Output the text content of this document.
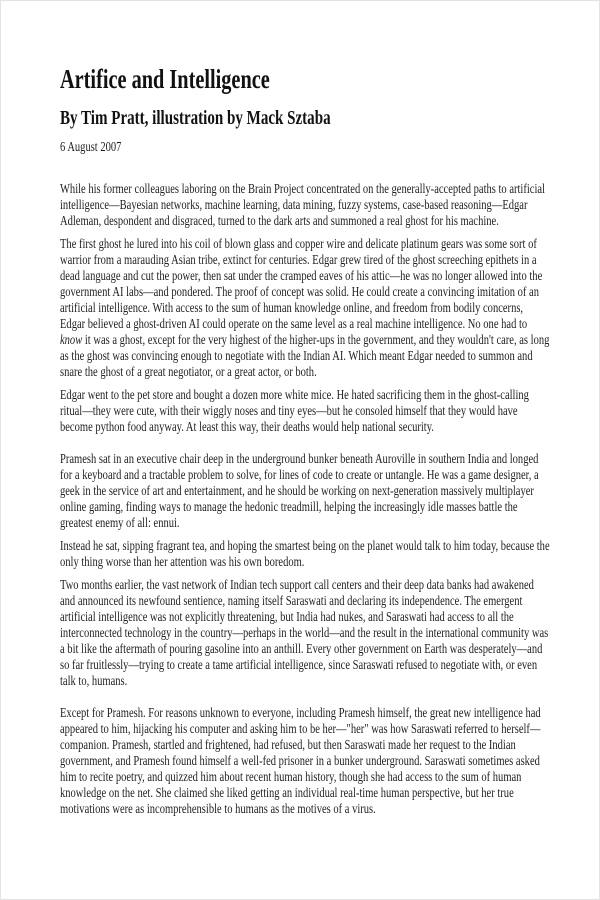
Artifice and Intelligence
By Tim Pratt, illustration by Mack Sztaba

6 August 2007

While his former colleagues laboring on the Brain Project concentrated on the generally-accepted paths to artificial intelligence—Bayesian networks, machine learning, data mining, fuzzy systems, case-based reasoning—Edgar Adleman, despondent and disgraced, turned to the dark arts and summoned a real ghost for his machine.

The first ghost he lured into his coil of blown glass and copper wire and delicate platinum gears was some sort of warrior from a marauding Asian tribe, extinct for centuries. Edgar grew tired of the ghost screeching epithets in a dead language and cut the power, then sat under the cramped eaves of his attic—he was no longer allowed into the government AI labs—and pondered. The proof of concept was solid. He could create a convincing imitation of an artificial intelligence. With access to the sum of human knowledge online, and freedom from bodily concerns, Edgar believed a ghost-driven AI could operate on the same level as a real machine intelligence. No one had to know it was a ghost, except for the very highest of the higher-ups in the government, and they wouldn't care, as long as the ghost was convincing enough to negotiate with the Indian AI. Which meant Edgar needed to summon and snare the ghost of a great negotiator, or a great actor, or both.

Edgar went to the pet store and bought a dozen more white mice. He hated sacrificing them in the ghost-calling ritual—they were cute, with their wiggly noses and tiny eyes—but he consoled himself that they would have become python food anyway. At least this way, their deaths would help national security.

Pramesh sat in an executive chair deep in the underground bunker beneath Auroville in southern India and longed for a keyboard and a tractable problem to solve, for lines of code to create or untangle. He was a game designer, a geek in the service of art and entertainment, and he should be working on next-generation massively multiplayer online gaming, finding ways to manage the hedonic treadmill, helping the increasingly idle masses battle the greatest enemy of all: ennui.

Instead he sat, sipping fragrant tea, and hoping the smartest being on the planet would talk to him today, because the only thing worse than her attention was his own boredom.

Two months earlier, the vast network of Indian tech support call centers and their deep data banks had awakened and announced its newfound sentience, naming itself Saraswati and declaring its independence. The emergent artificial intelligence was not explicitly threatening, but India had nukes, and Saraswati had access to all the interconnected technology in the country—perhaps in the world—and the result in the international community was a bit like the aftermath of pouring gasoline into an anthill. Every other government on Earth was desperately—and so far fruitlessly—trying to create a tame artificial intelligence, since Saraswati refused to negotiate with, or even talk to, humans.

Except for Pramesh. For reasons unknown to everyone, including Pramesh himself, the great new intelligence had appeared to him, hijacking his computer and asking him to be her—"her" was how Saraswati referred to herself—companion. Pramesh, startled and frightened, had refused, but then Saraswati made her request to the Indian government, and Pramesh found himself a well-fed prisoner in a bunker underground. Saraswati sometimes asked him to recite poetry, and quizzed him about recent human history, though she had access to the sum of human knowledge on the net. She claimed she liked getting an individual real-time human perspective, but her true motivations were as incomprehensible to humans as the motives of a virus.
